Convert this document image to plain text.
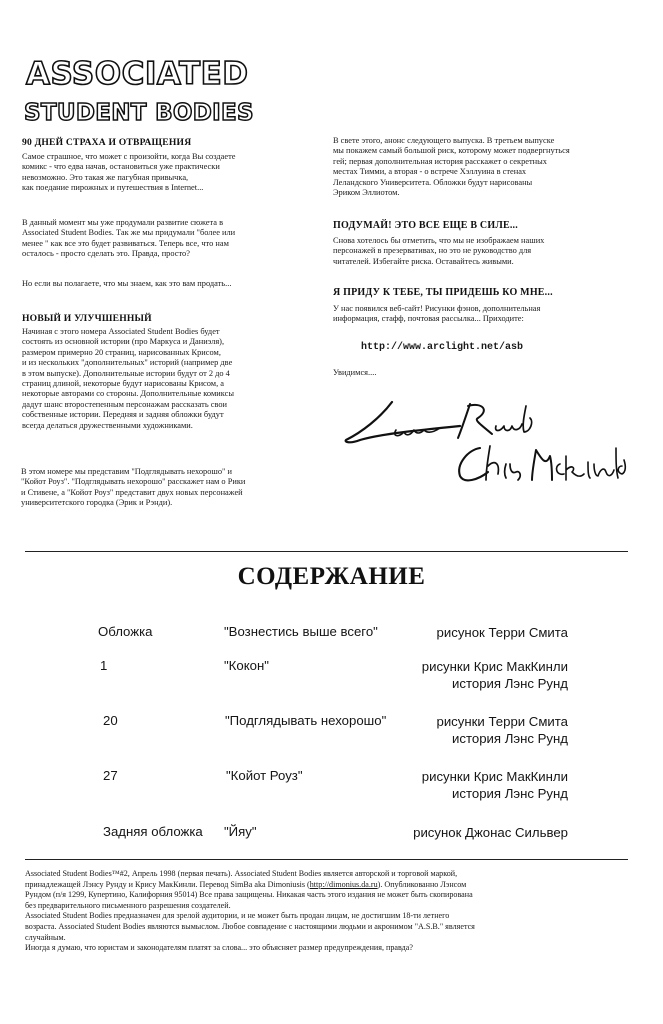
ASSOCIATED
STUDENT BODIES
90 ДНЕЙ СТРАХА И ОТВРАЩЕНИЯ

Самое страшное, что может с произойти, когда Вы создаете
комикс - что едва начав, остановиться уже практически
невозможно. Это такая же пагубная привычка,
как поедание пирожных и путешествия в Internet...

В данный момент мы уже продумали развитие сюжета в
Associated Student Bodies. Так же мы придумали "более или
менее " как все это будет развиваться. Теперь все, что нам
осталось - просто сделать это. Правда, просто?

Но если вы полагаете, что мы знаем, как это вам продать...

НОВЫЙ И УЛУЧШЕННЫЙ

Начиная с этого номера Associated Student Bodies будет
состоять из основной истории (про Маркуса и Даниэля),
размером примерно 20 страниц, нарисованных Крисом,
и из нескольких "дополнительных" историй (например две
в этом выпуске). Дополнительные истории будут от 2 до 4
страниц длиной, некоторые будут нарисованы Крисом, а
некоторые авторами со стороны. Дополнительные комиксы
дадут шанс второстепенным персонажам рассказать свои
собственные истории. Передняя и задняя обложки будут
всегда делаться дружественными художниками.

В этом номере мы представим "Подглядывать нехорошо" и
"Койот Роуз". "Подглядывать нехорошо" расскажет нам о Рики
и Стивене, а "Койот Роуз" представит двух новых персонажей
университетского городка (Эрик и Рэнди).

В свете этого, анонс следующего выпуска. В третьем выпуске
мы покажем самый большой риск, которому может подвергнуться
гей; первая дополнительная история расскажет о секретных
местах Тимми, а вторая - о встрече Хэллуина в стенах
Леландского Университета. Обложки будут нарисованы
Эриком Эллиотом.

ПОДУМАЙ! ЭТО ВСЕ ЕЩЕ В СИЛЕ...

Снова хотелось бы отметить, что мы не изображаем наших
персонажей в презервативах, но это не руководство для
читателей. Избегайте риска. Оставайтесь живыми.

Я ПРИДУ К ТЕБЕ, ТЫ ПРИДЕШЬ КО МНЕ...

У нас появился веб-сайт! Рисунки фэнов, дополнительная
информация, стафф, почтовая рассылка... Приходите:

http://www.arclight.net/asb

Увидимся....

СОДЕРЖАНИЕ
Обложка	"Вознестись выше всего"	рисунок Терри Смита
1	"Кокон"	рисунки Крис МакКинли
история Лэнс Рунд
20	"Подглядывать нехорошо"	рисунки Терри Смита
история Лэнс Рунд
27	"Койот Роуз"	рисунки Крис МакКинли
история Лэнс Рунд
Задняя обложка "Йяу"	рисунок Джонас Сильвер
Associated Student Bodies™#2, Апрель 1998 (первая печать). Associated Student Bodies является авторской и торговой маркой,
принадлежащей Лэнсу Рунду и Крису МакКинли. Перевод SimBa aka Dimoniusis (http://dimonius.da.ru). Опубликованно Лэнсом
Рундом (п/я 1299, Купертино, Калифорния 95014) Все права защищены. Никакая часть этого издания не может быть скопирована
без предварительного письменного разрешения создателей.
Associated Student Bodies предназначен для зрелой аудитории, и не может быть продан лицам, не достигшим 18-ти летнего
возраста. Associated Student Bodies являются вымыслом. Любое совпадение с настоящими людьми и акронимом "A.S.B." является
случайным.
Иногда я думаю, что юристам и законодателям платят за слова... это объясняет размер предупреждения, правда?
